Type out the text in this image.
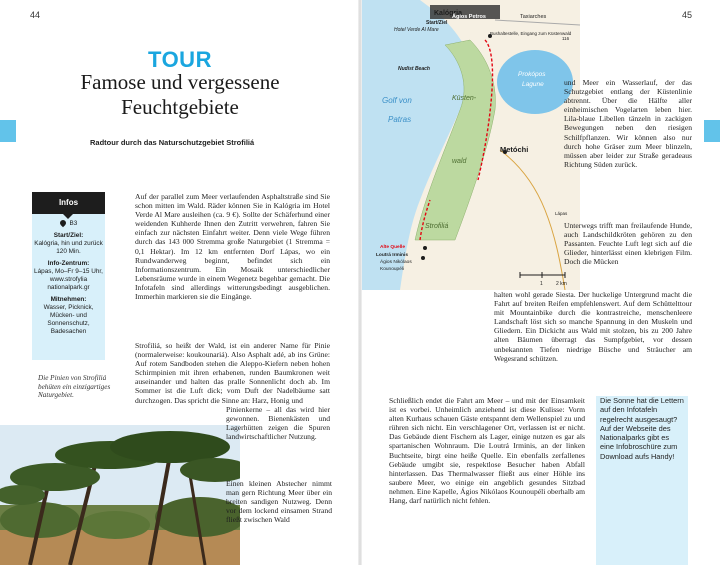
44
TOUR
Famose und vergessene
Feuchtgebiete
Radtour durch das Naturschutzgebiet Strofiliá
Infos
B3
Start/Ziel:
Kalógria, hin und zurück 120 Min.
Info-Zentrum:
Lápas, Mo–Fr 9–15 Uhr, www.strofylia nationalpark.gr
Mitnehmen:
Wasser, Picknick, Mücken- und Sonnenschutz, Badesachen
Die Pinien von Strofiliá behüten ein einzigartiges Naturgebiet.

Auf der parallel zum Meer verlaufenden Asphaltstraße sind Sie schon mitten im Wald. Räder können Sie in Kalógria im Hotel Verde Al Mare ausleihen (ca. 9 €). Sollte der Schäferhund einer weidenden Kuhherde Ihnen den Zutritt verwehren, fahren Sie einfach zur nächsten Einfahrt weiter. Denn viele Wege führen durch das 143 000 Stremma große Naturgebiet (1 Stremma = 0,1 Hektar). Im 12 km entfernten Dorf Lápas, wo ein Rundwanderweg beginnt, befindet sich ein Informationszentrum. Ein Mosaik unterschiedlicher Lebensräume wurde in einem Wegenetz begehbar gemacht. Die Infotafeln sind allerdings witterungsbedingt ausgeblichen. Immerhin markieren sie die Eingänge.

Strofiliá, so heißt der Wald, ist ein anderer Name für Pinie (normalerweise: koukounariá). Also Asphalt adé, ab ins Grüne: Auf rotem Sandboden stehen die Aleppo-Kiefern neben hohen Schirmpinien mit ihren erhabenen, runden Baumkronen weit auseinander und halten das pralle Sonnenlicht doch ab. Im Sommer ist die Luft dick; vom Duft der Nadelbäume satt durchzogen. Das spricht die Sinne an: Harz, Honig und

Pinienkerne – all das wird hier gewonnen. Bienenkästen und Lagerhütten zeigen die Spuren landwirtschaftlicher Nutzung.

Einen kleinen Abstecher nimmt man gern Richtung Meer über ein breiten sandigen Nutzweg. Denn vor dem lockend einsamen Strand fließt zwischen Wald

45
Kalógria
Start/Ziel
Ágios Petros	Taxiarches
Hotel Verde Al Mare
Bushaltestelle, Eingang zum Küstenwald
Nudist Beach
Golf von
Patras
Küsten-
wald
Strofiliá
Prokópos
Lagune
Metóchi
Alte Quelle
Loutrá Irminis
Ágios Nikólaos
Kounoupéli
1	2 km
Lápas
116

und Meer ein Wasserlauf, der das Schutzgebiet entlang der Küstenlinie abtrennt. Über die Hälfte aller einheimischen Vogelarten leben hier. Lila-blaue Libellen tänzeln in zackigen Bewegungen neben den riesigen Schilfpflanzen. Wir können also nur durch hohe Gräser zum Meer blinzeln, müssen aber leider zur Straße geradeaus Richtung Süden zurück.

Unterwegs trifft man freilaufende Hunde, auch Landschildkröten gehören zu den Passanten. Feuchte Luft legt sich auf die Glieder, hinterlässt einen klebrigen Film. Doch die Mücken

halten wohl gerade Siesta. Der huckelige Untergrund macht die Fahrt auf breiten Reifen empfehlenswert. Auf dem Schüttelttour mit Mountainbike durch die kontrastreiche, menschenleere Landschaft löst sich so manche Spannung in den Muskeln und Gliedern. Ein Dickicht aus Wald mit stolzen, bis zu 200 Jahre alten Bäumen überragt das Sumpfgebiet, vor dessen unbekannten Tiefen niedrige Büsche und Sträucher am Wegesrand schützen.

Schließlich endet die Fahrt am Meer – und mit der Einsamkeit ist es vorbei. Unheimlich anziehend ist diese Kulisse: Vorm alten Kurhaus schauen Gäste entspannt dem Wellenspiel zu und rühren sich nicht. Ein verschlagener Ort, verlassen ist er nicht. Das Gebäude dient Fischern als Lager, einige nutzen es gar als spartanischen Wohnraum. Die Loutrá Irminis, an der linken Buchtseite, birgt eine heiße Quelle. Ein ebenfalls zerfallenes Gebäude umgibt sie, respektlose Besucher haben Abfall hinterlassen. Das Thermalwasser fließt aus einer Höhle ins saubere Meer, wo einige ein angeblich gesundes Sitzbad nehmen. Eine Kapelle, Ágios Nikólaos Kounoupéli oberhalb am Hang, darf natürlich nicht fehlen.

Die Sonne hat die Lettern auf den Infotafeln regelrecht ausgesaugt? Auf der Webseite des Nationalparks gibt es eine Infobroschüre zum Download aufs Handy!
